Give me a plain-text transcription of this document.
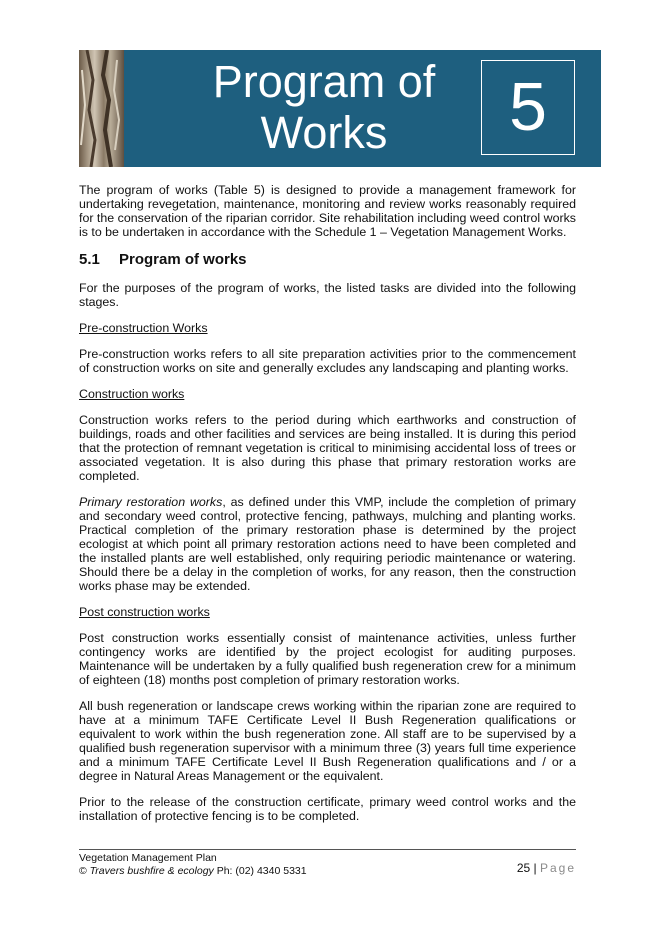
Program of
Works	5

The program of works (Table 5) is designed to provide a management framework for undertaking revegetation, maintenance, monitoring and review works reasonably required for the conservation of the riparian corridor. Site rehabilitation including weed control works is to be undertaken in accordance with the Schedule 1 – Vegetation Management Works.

5.1	Program of works

For the purposes of the program of works, the listed tasks are divided into the following stages.

Pre-construction Works

Pre-construction works refers to all site preparation activities prior to the commencement of construction works on site and generally excludes any landscaping and planting works.

Construction works

Construction works refers to the period during which earthworks and construction of buildings, roads and other facilities and services are being installed. It is during this period that the protection of remnant vegetation is critical to minimising accidental loss of trees or associated vegetation. It is also during this phase that primary restoration works are completed.

Primary restoration works, as defined under this VMP, include the completion of primary and secondary weed control, protective fencing, pathways, mulching and planting works. Practical completion of the primary restoration phase is determined by the project ecologist at which point all primary restoration actions need to have been completed and the installed plants are well established, only requiring periodic maintenance or watering. Should there be a delay in the completion of works, for any reason, then the construction works phase may be extended.

Post construction works

Post construction works essentially consist of maintenance activities, unless further contingency works are identified by the project ecologist for auditing purposes. Maintenance will be undertaken by a fully qualified bush regeneration crew for a minimum of eighteen (18) months post completion of primary restoration works.

All bush regeneration or landscape crews working within the riparian zone are required to have at a minimum TAFE Certificate Level II Bush Regeneration qualifications or equivalent to work within the bush regeneration zone. All staff are to be supervised by a qualified bush regeneration supervisor with a minimum three (3) years full time experience and a minimum TAFE Certificate Level II Bush Regeneration qualifications and / or a degree in Natural Areas Management or the equivalent.

Prior to the release of the construction certificate, primary weed control works and the installation of protective fencing is to be completed.

Vegetation Management Plan
© Travers bushfire & ecology Ph: (02) 4340 5331	25 | Page
